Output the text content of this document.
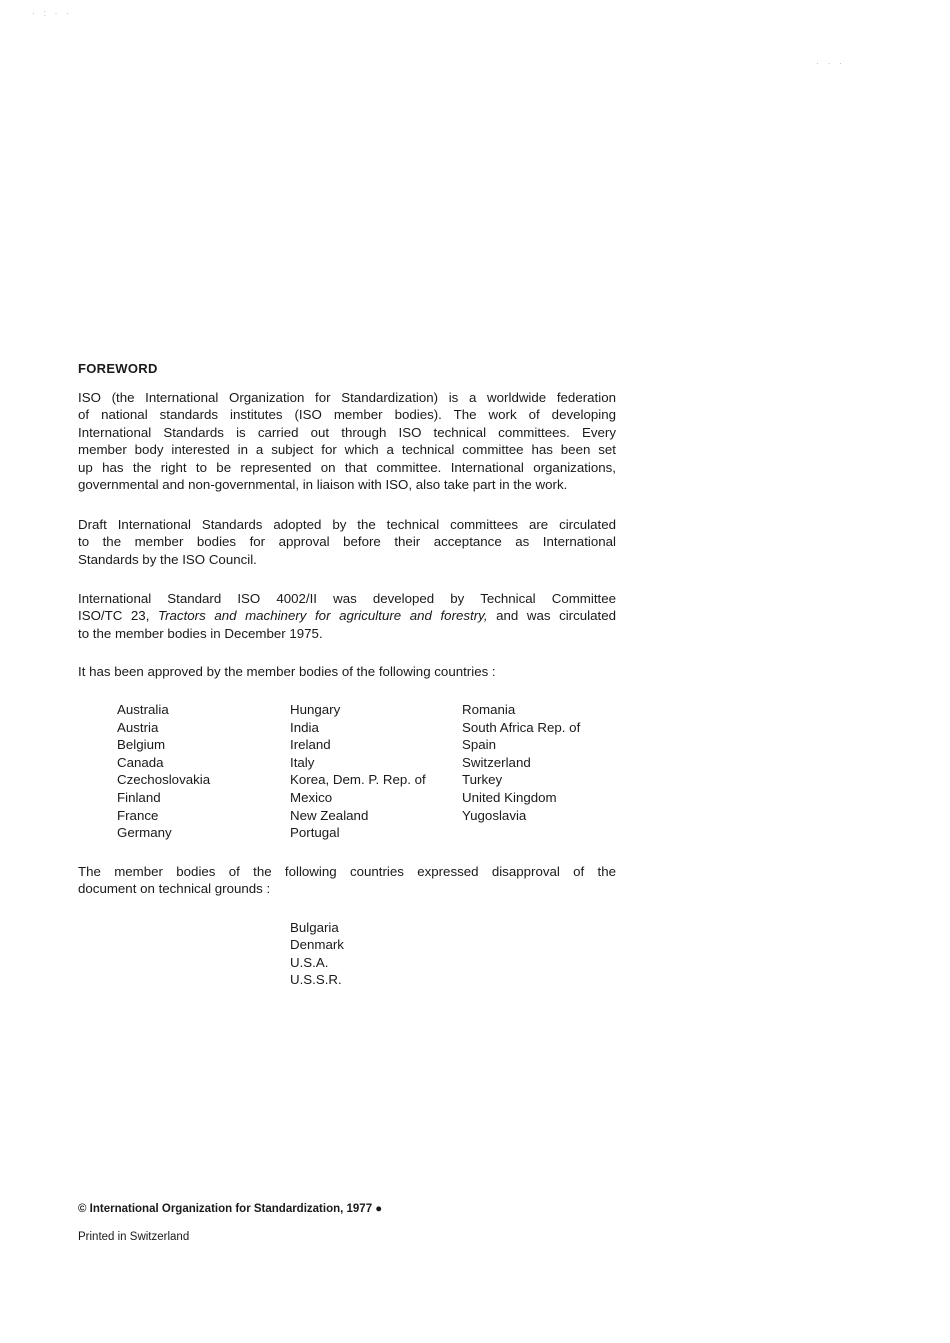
· : · ·
· · ·
FOREWORD
ISO (the International Organization for Standardization) is a worldwide federation
of national standards institutes (ISO member bodies). The work of developing
International Standards is carried out through ISO technical committees. Every
member body interested in a subject for which a technical committee has been set
up has the right to be represented on that committee. International organizations,
governmental and non-governmental, in liaison with ISO, also take part in the work.
Draft International Standards adopted by the technical committees are circulated
to the member bodies for approval before their acceptance as International
Standards by the ISO Council.
International Standard ISO 4002/II was developed by Technical Committee
ISO/TC 23, Tractors and machinery for agriculture and forestry, and was circulated
to the member bodies in December 1975.
It has been approved by the member bodies of the following countries :
Australia
Austria
Belgium
Canada
Czechoslovakia
Finland
France
Germany
Hungary
India
Ireland
Italy
Korea, Dem. P. Rep. of
Mexico
New Zealand
Portugal
Romania
South Africa Rep. of
Spain
Switzerland
Turkey
United Kingdom
Yugoslavia
The member bodies of the following countries expressed disapproval of the
document on technical grounds :
Bulgaria
Denmark
U.S.A.
U.S.S.R.
© International Organization for Standardization, 1977 ●
Printed in Switzerland
